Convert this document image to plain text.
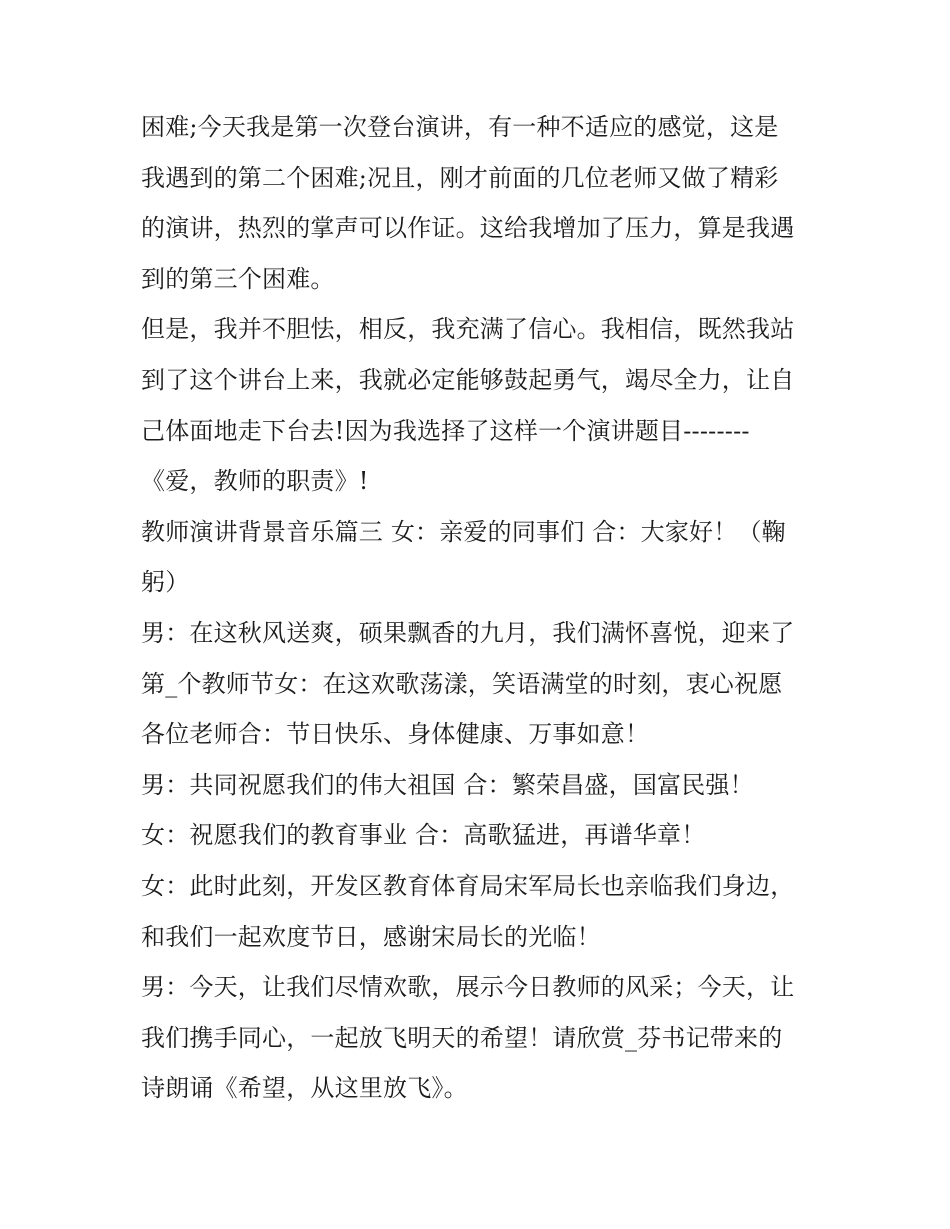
困难;今天我是第一次登台演讲，有一种不适应的感觉，这是
我遇到的第二个困难;况且，刚才前面的几位老师又做了精彩
的演讲，热烈的掌声可以作证。这给我增加了压力，算是我遇
到的第三个困难。
但是，我并不胆怯，相反，我充满了信心。我相信，既然我站
到了这个讲台上来，我就必定能够鼓起勇气，竭尽全力，让自
己体面地走下台去!因为我选择了这样一个演讲题目--------
《爱，教师的职责》!
教师演讲背景音乐篇三 女：亲爱的同事们 合：大家好！（鞠
躬）
男：在这秋风送爽，硕果飘香的九月，我们满怀喜悦，迎来了
第_个教师节女：在这欢歌荡漾，笑语满堂的时刻，衷心祝愿
各位老师合：节日快乐、身体健康、万事如意！
男：共同祝愿我们的伟大祖国 合：繁荣昌盛，国富民强！
女：祝愿我们的教育事业 合：高歌猛进，再谱华章！
女：此时此刻，开发区教育体育局宋军局长也亲临我们身边，
和我们一起欢度节日，感谢宋局长的光临！
男：今天，让我们尽情欢歌，展示今日教师的风采；今天，让
我们携手同心，一起放飞明天的希望！请欣赏_芬书记带来的
诗朗诵《希望，从这里放飞》。
